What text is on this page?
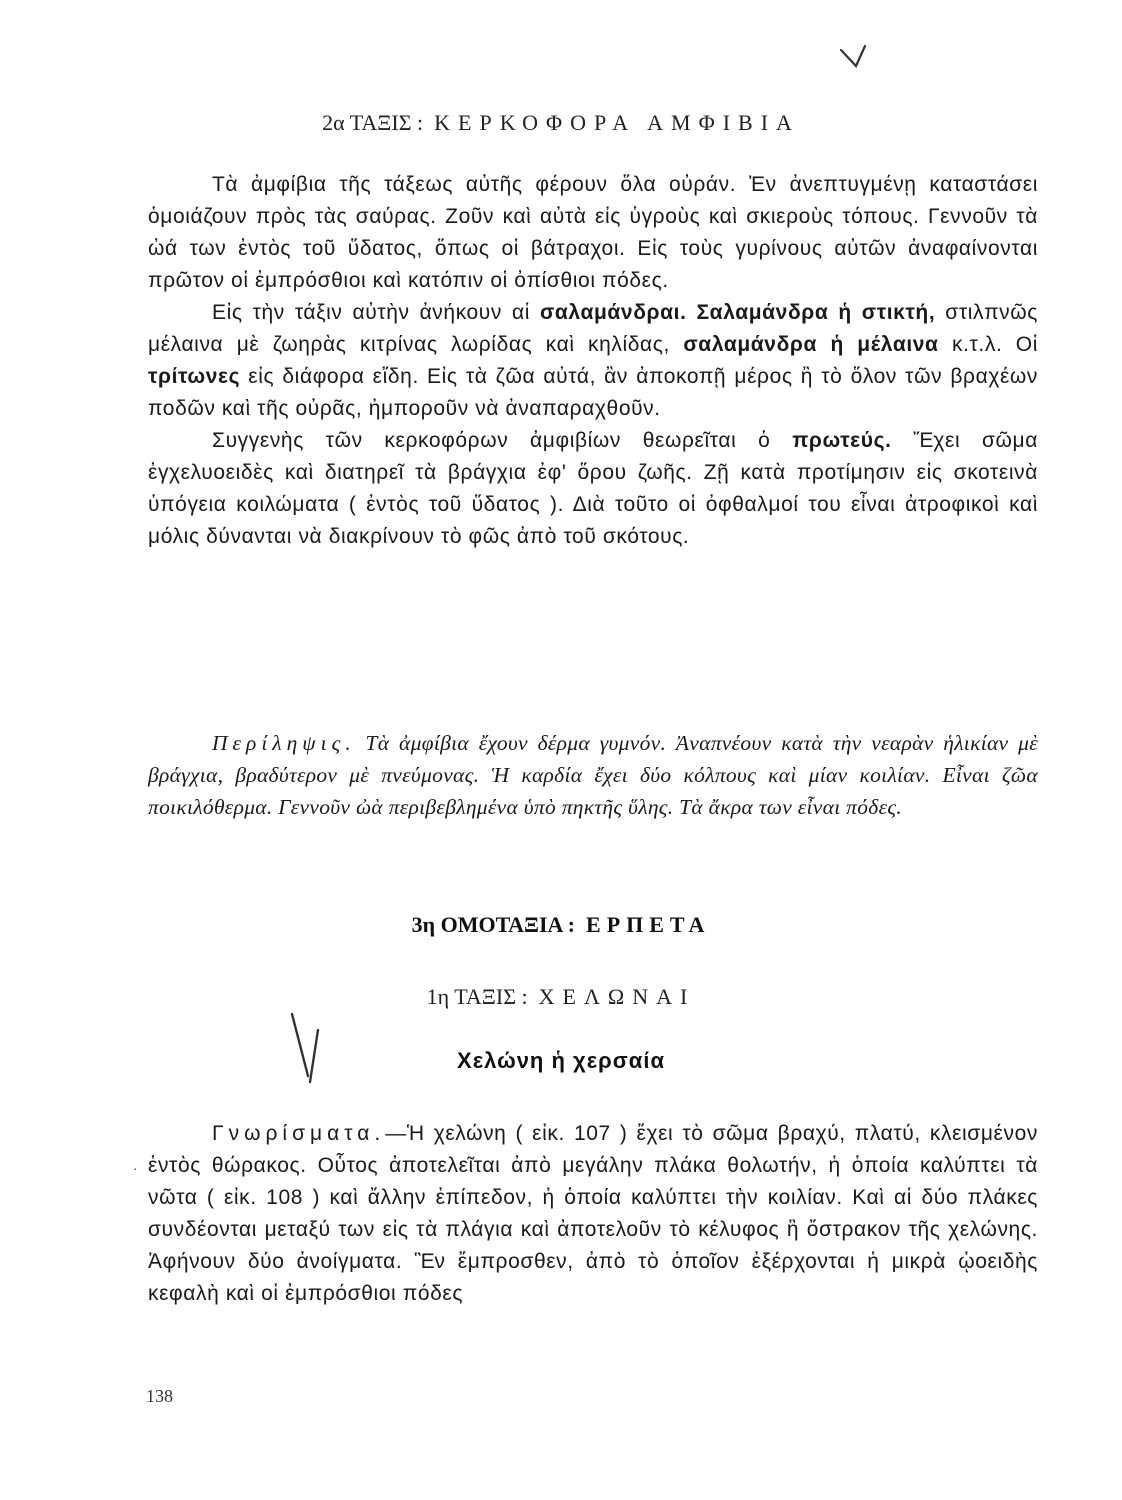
2α ΤΑΞΙΣ : ΚΕΡΚΟΦΟΡΑ ΑΜΦΙΒΙΑ

Τὰ ἀμφίβια τῆς τάξεως αὐτῆς φέρουν ὅλα οὐράν. Ἐν ἀνεπτυγμένῃ καταστάσει ὁμοιάζουν πρὸς τὰς σαύρας. Ζοῦν καὶ αὐτὰ εἰς ὑγροὺς καὶ σκιεροὺς τόπους. Γεννοῦν τὰ ὠά των ἐντὸς τοῦ ὕδατος, ὅπως οἱ βάτραχοι. Εἰς τοὺς γυρίνους αὐτῶν ἀναφαίνονται πρῶτον οἱ ἐμπρόσθιοι καὶ κατόπιν οἱ ὀπίσθιοι πόδες.

Εἰς τὴν τάξιν αὐτὴν ἀνήκουν αἱ σαλαμάνδραι. Σαλαμάνδρα ἡ στικτή, στιλπνῶς μέλαινα μὲ ζωηρὰς κιτρίνας λωρίδας καὶ κηλίδας, σαλαμάνδρα ἡ μέλαινα κ.τ.λ. Οἱ τρίτωνες εἰς διάφορα εἴδη. Εἰς τὰ ζῶα αὐτά, ἂν ἀποκοπῇ μέρος ἢ τὸ ὅλον τῶν βραχέων ποδῶν καὶ τῆς οὐρᾶς, ἠμποροῦν νὰ ἀναπαραχθοῦν.

Συγγενὴς τῶν κερκοφόρων ἀμφιβίων θεωρεῖται ὁ πρωτεύς. Ἔχει σῶμα ἐγχελυοειδὲς καὶ διατηρεῖ τὰ βράγχια ἐφ' ὅρου ζωῆς. Ζῇ κατὰ προτίμησιν εἰς σκοτεινὰ ὑπόγεια κοιλώματα ( ἐντὸς τοῦ ὕδατος ). Διὰ τοῦτο οἱ ὀφθαλμοί του εἶναι ἀτροφικοὶ καὶ μόλις δύνανται νὰ διακρίνουν τὸ φῶς ἀπὸ τοῦ σκότους.

Περίληψις. Τὰ ἀμφίβια ἔχουν δέρμα γυμνόν. Ἀναπνέουν κατὰ τὴν νεαρὰν ἡλικίαν μὲ βράγχια, βραδύτερον μὲ πνεύμονας. Ἡ καρδία ἔχει δύο κόλπους καὶ μίαν κοιλίαν. Εἶναι ζῶα ποικιλόθερμα. Γεννοῦν ὠὰ περιβεβλημένα ὑπὸ πηκτῆς ὕλης. Τὰ ἄκρα των εἶναι πόδες.

3η ΟΜΟΤΑΞΙΑ : ΕΡΠΕΤΑ
1η ΤΑΞΙΣ : ΧΕΛΩΝΑΙ
Χελώνη ἡ χερσαία

Γνωρίσματα.—Ἡ χελώνη ( εἰκ. 107 ) ἔχει τὸ σῶμα βραχύ, πλατύ, κλεισμένον ἐντὸς θώρακος. Οὗτος ἀποτελεῖται ἀπὸ μεγάλην πλάκα θολωτήν, ἡ ὁποία καλύπτει τὰ νῶτα ( εἰκ. 108 ) καὶ ἄλλην ἐπίπεδον, ἡ ὁποία καλύπτει τὴν κοιλίαν. Καὶ αἱ δύο πλάκες συνδέονται μεταξύ των εἰς τὰ πλάγια καὶ ἀποτελοῦν τὸ κέλυφος ἢ ὄστρακον τῆς χελώνης. Ἀφήνουν δύο ἀνοίγματα. Ἓν ἔμπροσθεν, ἀπὸ τὸ ὁποῖον ἐξέρχονται ἡ μικρὰ ᾠοειδὴς κεφαλὴ καὶ οἱ ἐμπρόσθιοι πόδες

·
138
